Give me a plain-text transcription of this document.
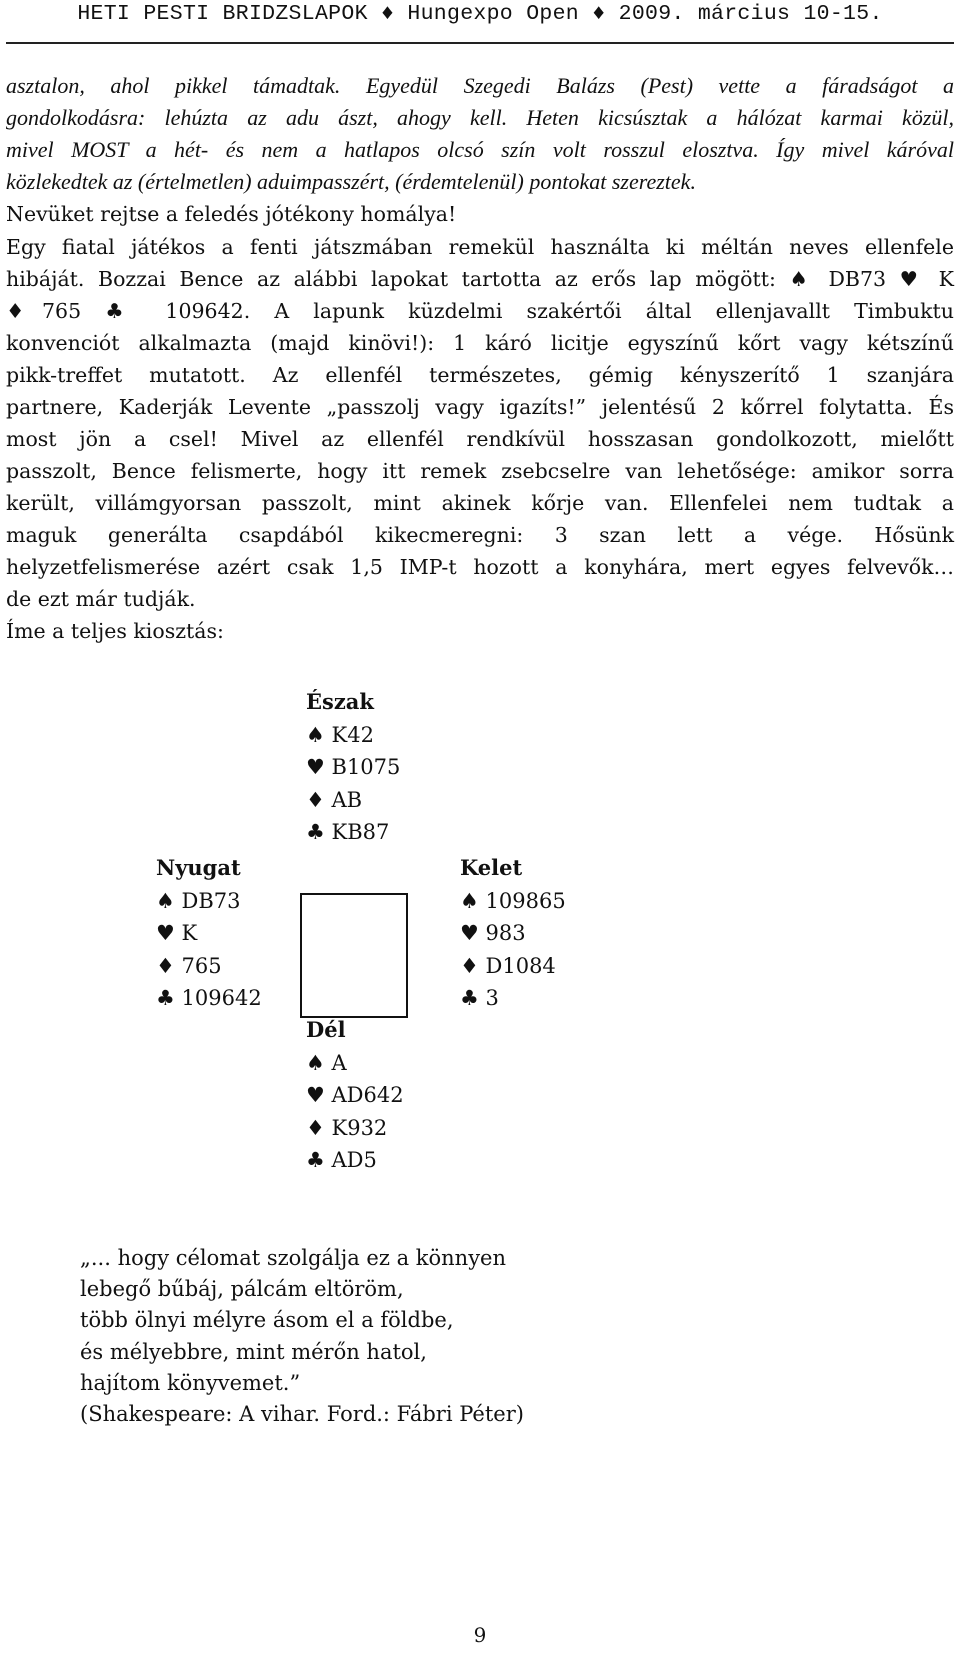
HETI PESTI BRIDZSLAPOK ♦ Hungexpo Open ♦ 2009. március 10-15.
asztalon, ahol pikkel támadtak. Egyedül Szegedi Balázs (Pest) vette a fáradságot a
gondolkodásra: lehúzta az adu ászt, ahogy kell. Heten kicsúsztak a hálózat karmai közül,
mivel MOST a hét- és nem a hatlapos olcsó szín volt rosszul elosztva. Így mivel káróval
közlekedtek az (értelmetlen) aduimpasszért, (érdemtelenül) pontokat szereztek.
Nevüket rejtse a feledés jótékony homálya!
Egy fiatal játékos a fenti játszmában remekül használta ki méltán neves ellenfele
hibáját. Bozzai Bence az alábbi lapokat tartotta az erős lap mögött: ♠ DB73 ♥ K
♦765 ♣ 109642. A lapunk küzdelmi szakértői által ellenjavallt Timbuktu
konvenciót alkalmazta (majd kinövi!): 1 káró licitje egyszínű kőrt vagy kétszínű
pikk-treffet mutatott. Az ellenfél természetes, gémig kényszerítő 1 szanjára
partnere, Kaderják Levente „passzolj vagy igazíts!” jelentésű 2 kőrrel folytatta. És
most jön a csel! Mivel az ellenfél rendkívül hosszasan gondolkozott, mielőtt
passzolt, Bence felismerte, hogy itt remek zsebcselre van lehetősége: amikor sorra
került, villámgyorsan passzolt, mint akinek kőrje van. Ellenfelei nem tudtak a
maguk generálta csapdából kikecmeregni: 3 szan lett a vége. Hősünk
helyzetfelismerése azért csak 1,5 IMP-t hozott a konyhára, mert egyes felvevők…
de ezt már tudják.
Íme a teljes kiosztás:
Észak
♠ K42
♥ B1075
♦ AB
♣ KB87
Nyugat
♠ DB73
♥ K
♦ 765
♣ 109642
Kelet
♠ 109865
♥ 983
♦ D1084
♣ 3
Dél
♠ A
♥ AD642
♦ K932
♣ AD5
„... hogy célomat szolgálja ez a könnyen
lebegő bűbáj, pálcám eltöröm,
több ölnyi mélyre ásom el a földbe,
és mélyebbre, mint mérőn hatol,
hajítom könyvemet.”
(Shakespeare: A vihar. Ford.: Fábri Péter)
9
